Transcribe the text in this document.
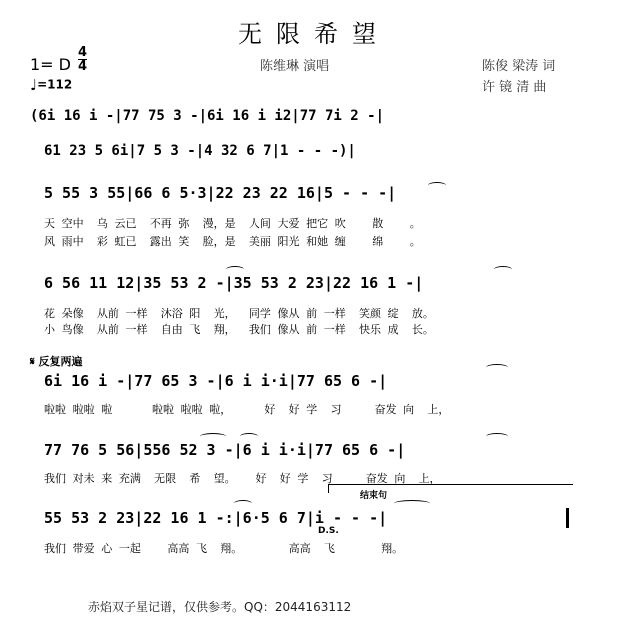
无限希望
1= D
4
4
♩=112
陈维琳 演唱	陈俊 梁涛 词
许 镜 清 曲
(6i 16 i -|77 75 3 -|6i 16 i i2|77 7i 2 -|
61 23 5 6i|7 5 3 -|4 32 6 7|1 - - -)|
5 55 3 55|66 6 5·3|22 23 22 16|5 - - -|
天 空中  乌 云已  不再 弥  漫，是  人间 大爱 把它 吹    散    。
风 雨中  彩 虹已  露出 笑  脸，是  美丽 阳光 和她 缠    绵    。
6 56 11 12|35 53 2 -|35 53 2 23|22 16 1 -|
花 朵像  从前 一样  沐浴 阳  光，  同学 像从 前 一样  笑颜 绽  放。
小 鸟像  从前 一样  自由 飞  翔，  我们 像从 前 一样  快乐 成  长。
𝄋 反复两遍
6i 16 i -|77 65 3 -|6 i i·i|77 65 6 -|
啦啦 啦啦 啦      啦啦 啦啦 啦，     好  好 学  习     奋发 向  上，
77 76 5 56|556 52 3 -|6 i i·i|77 65 6 -|
我们 对未 来 充满  无限  希  望。   好  好 学  习     奋发 向  上，
结束句
55 53 2 23|22 16 1 -:|6·5 6 7|i - - -|
我们 带爱 心 一起    高高 飞  翔。       高高  飞       翔。
D.S.
赤焰双子星记谱，仅供参考。QQ：2044163112
